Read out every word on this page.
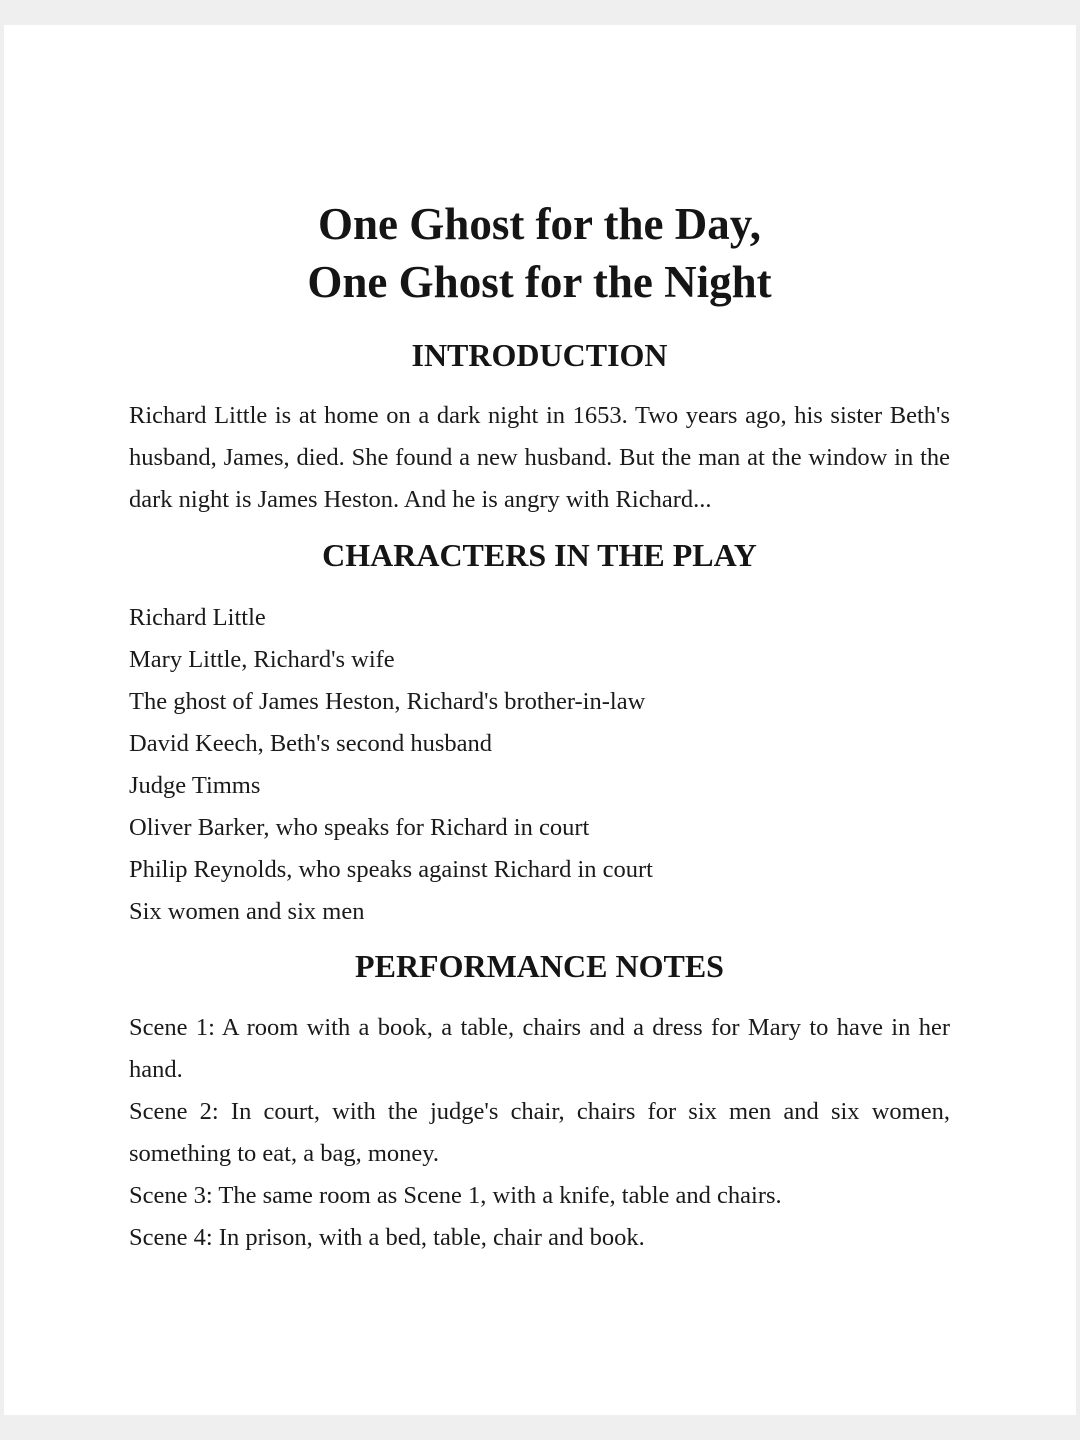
One Ghost for the Day,
One Ghost for the Night
INTRODUCTION

Richard Little is at home on a dark night in 1653. Two years ago, his sister Beth's husband, James, died. She found a new husband. But the man at the window in the dark night is James Heston. And he is angry with Richard...

CHARACTERS IN THE PLAY
Richard Little
Mary Little, Richard's wife
The ghost of James Heston, Richard's brother-in-law
David Keech, Beth's second husband
Judge Timms
Oliver Barker, who speaks for Richard in court
Philip Reynolds, who speaks against Richard in court
Six women and six men
PERFORMANCE NOTES
Scene 1: A room with a book, a table, chairs and a dress for Mary to have in her hand.
Scene 2: In court, with the judge's chair, chairs for six men and six women, something to eat, a bag, money.
Scene 3: The same room as Scene 1, with a knife, table and chairs.
Scene 4: In prison, with a bed, table, chair and book.
